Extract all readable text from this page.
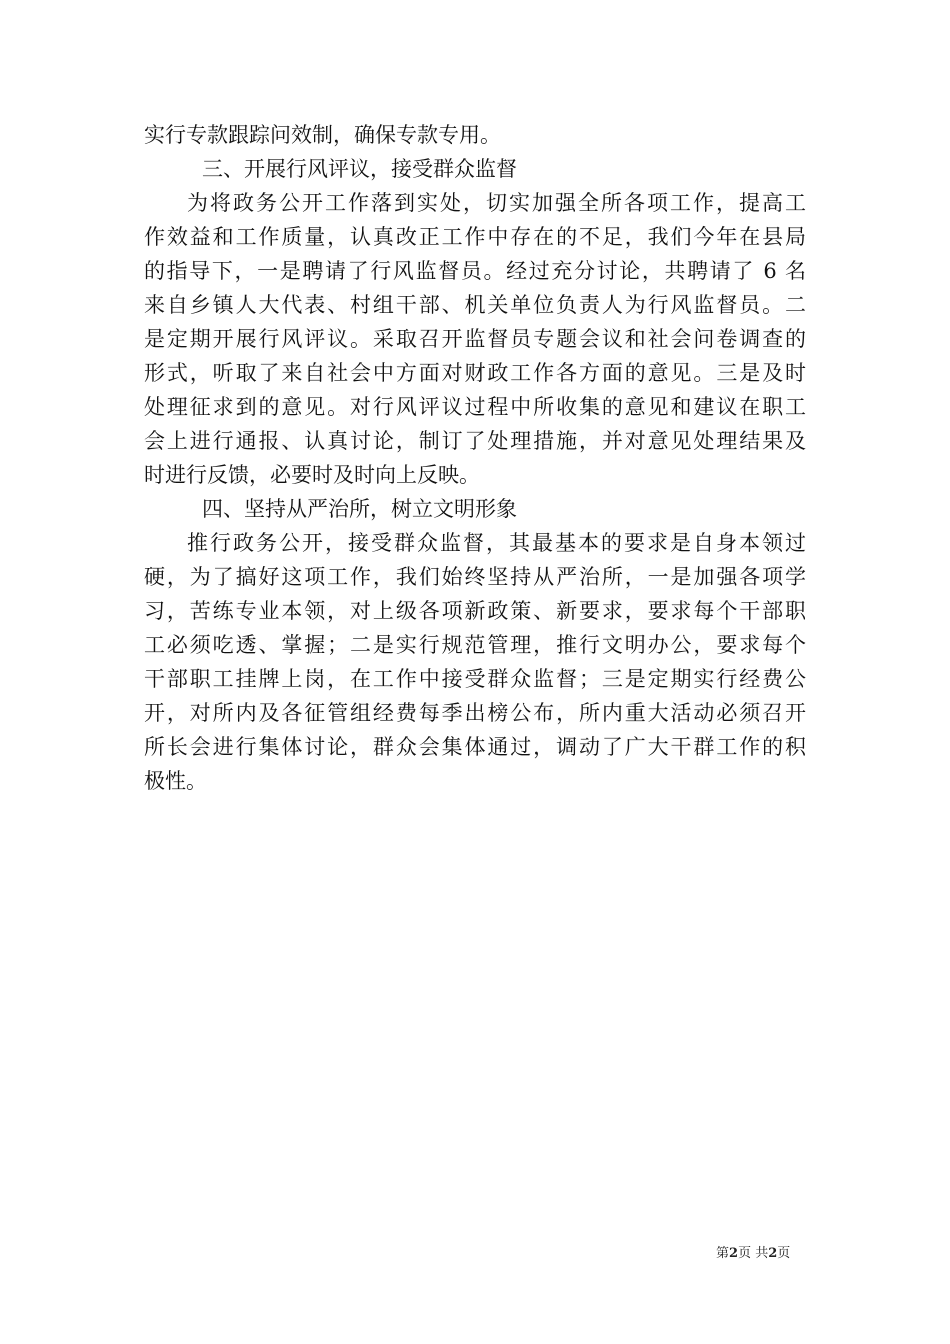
实行专款跟踪问效制，确保专款专用。
三、开展行风评议，接受群众监督
为将政务公开工作落到实处，切实加强全所各项工作，提高工
作效益和工作质量，认真改正工作中存在的不足，我们今年在县局
的指导下，一是聘请了行风监督员。经过充分讨论，共聘请了 6 名
来自乡镇人大代表、村组干部、机关单位负责人为行风监督员。二
是定期开展行风评议。采取召开监督员专题会议和社会问卷调查的
形式，听取了来自社会中方面对财政工作各方面的意见。三是及时
处理征求到的意见。对行风评议过程中所收集的意见和建议在职工
会上进行通报、认真讨论，制订了处理措施，并对意见处理结果及
时进行反馈，必要时及时向上反映。
四、坚持从严治所，树立文明形象
推行政务公开，接受群众监督，其最基本的要求是自身本领过
硬，为了搞好这项工作，我们始终坚持从严治所，一是加强各项学
习，苦练专业本领，对上级各项新政策、新要求，要求每个干部职
工必须吃透、掌握；二是实行规范管理，推行文明办公，要求每个
干部职工挂牌上岗，在工作中接受群众监督；三是定期实行经费公
开，对所内及各征管组经费每季出榜公布，所内重大活动必须召开
所长会进行集体讨论，群众会集体通过，调动了广大干群工作的积
极性。
第2页 共2页
